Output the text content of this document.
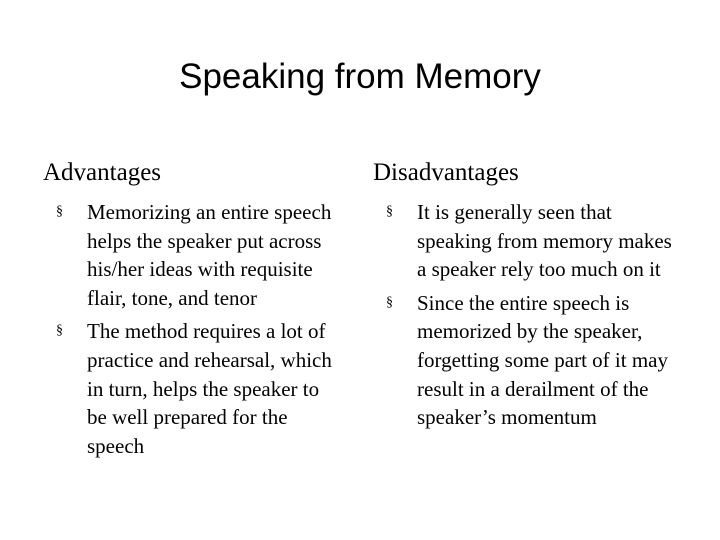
Speaking from Memory
Advantages
§ Memorizing an entire speech helps the speaker put across his/her ideas with requisite flair, tone, and tenor
§ The method requires a lot of practice and rehearsal, which in turn, helps the speaker to be well prepared for the speech
Disadvantages
§ It is generally seen that speaking from memory makes a speaker rely too much on it
§ Since the entire speech is memorized by the speaker, forgetting some part of it may result in a derailment of the speaker’s momentum
